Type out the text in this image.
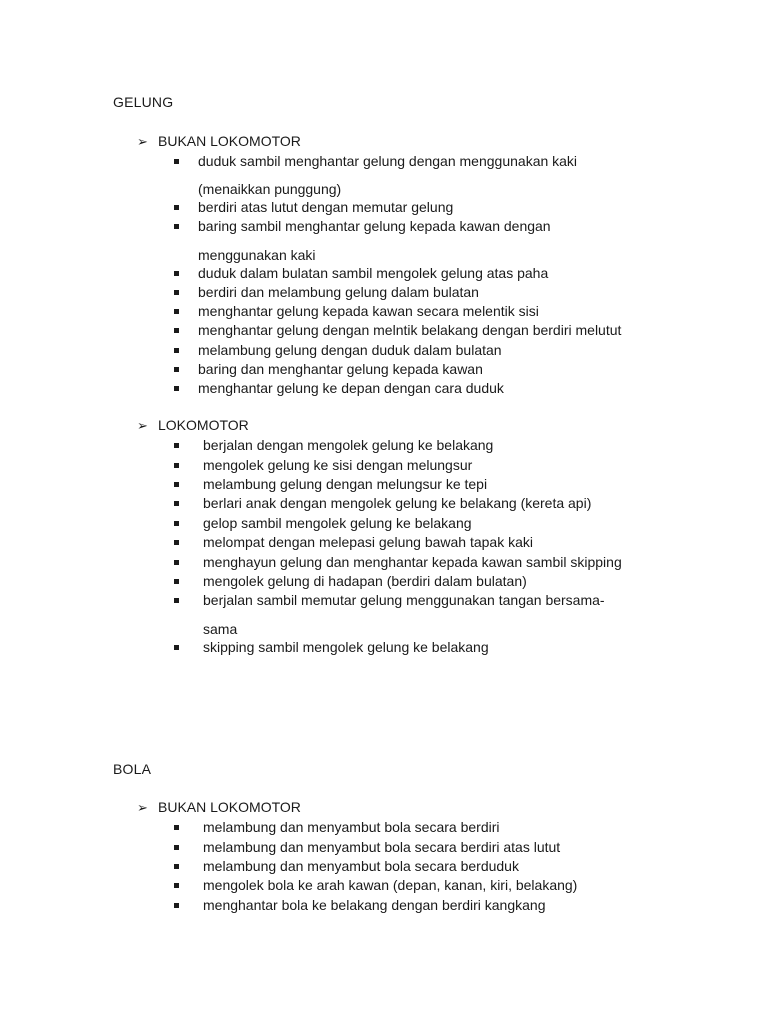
GELUNG
➢ BUKAN LOKOMOTOR
duduk sambil menghantar gelung dengan menggunakan kaki
(menaikkan punggung)
berdiri atas lutut dengan memutar gelung
baring sambil menghantar gelung kepada kawan dengan
menggunakan kaki
duduk dalam bulatan sambil mengolek gelung atas paha
berdiri dan melambung gelung dalam bulatan
menghantar gelung kepada kawan secara melentik sisi
menghantar gelung dengan melntik belakang dengan berdiri melutut
melambung gelung dengan duduk dalam bulatan
baring dan menghantar gelung kepada kawan
menghantar gelung ke depan dengan cara duduk
➢ LOKOMOTOR
berjalan dengan mengolek gelung ke belakang
mengolek gelung ke sisi dengan melungsur
melambung gelung dengan melungsur ke tepi
berlari anak dengan mengolek gelung ke belakang (kereta api)
gelop sambil mengolek gelung ke belakang
melompat dengan melepasi gelung bawah tapak kaki
menghayun gelung dan menghantar kepada kawan sambil skipping
mengolek gelung di hadapan (berdiri dalam bulatan)
berjalan sambil memutar gelung menggunakan tangan bersama-
sama
skipping sambil mengolek gelung ke belakang
BOLA
➢ BUKAN LOKOMOTOR
melambung dan menyambut bola secara berdiri
melambung dan menyambut bola secara berdiri atas lutut
melambung dan menyambut bola secara berduduk
mengolek bola ke arah kawan (depan, kanan, kiri, belakang)
menghantar bola ke belakang dengan berdiri kangkang
